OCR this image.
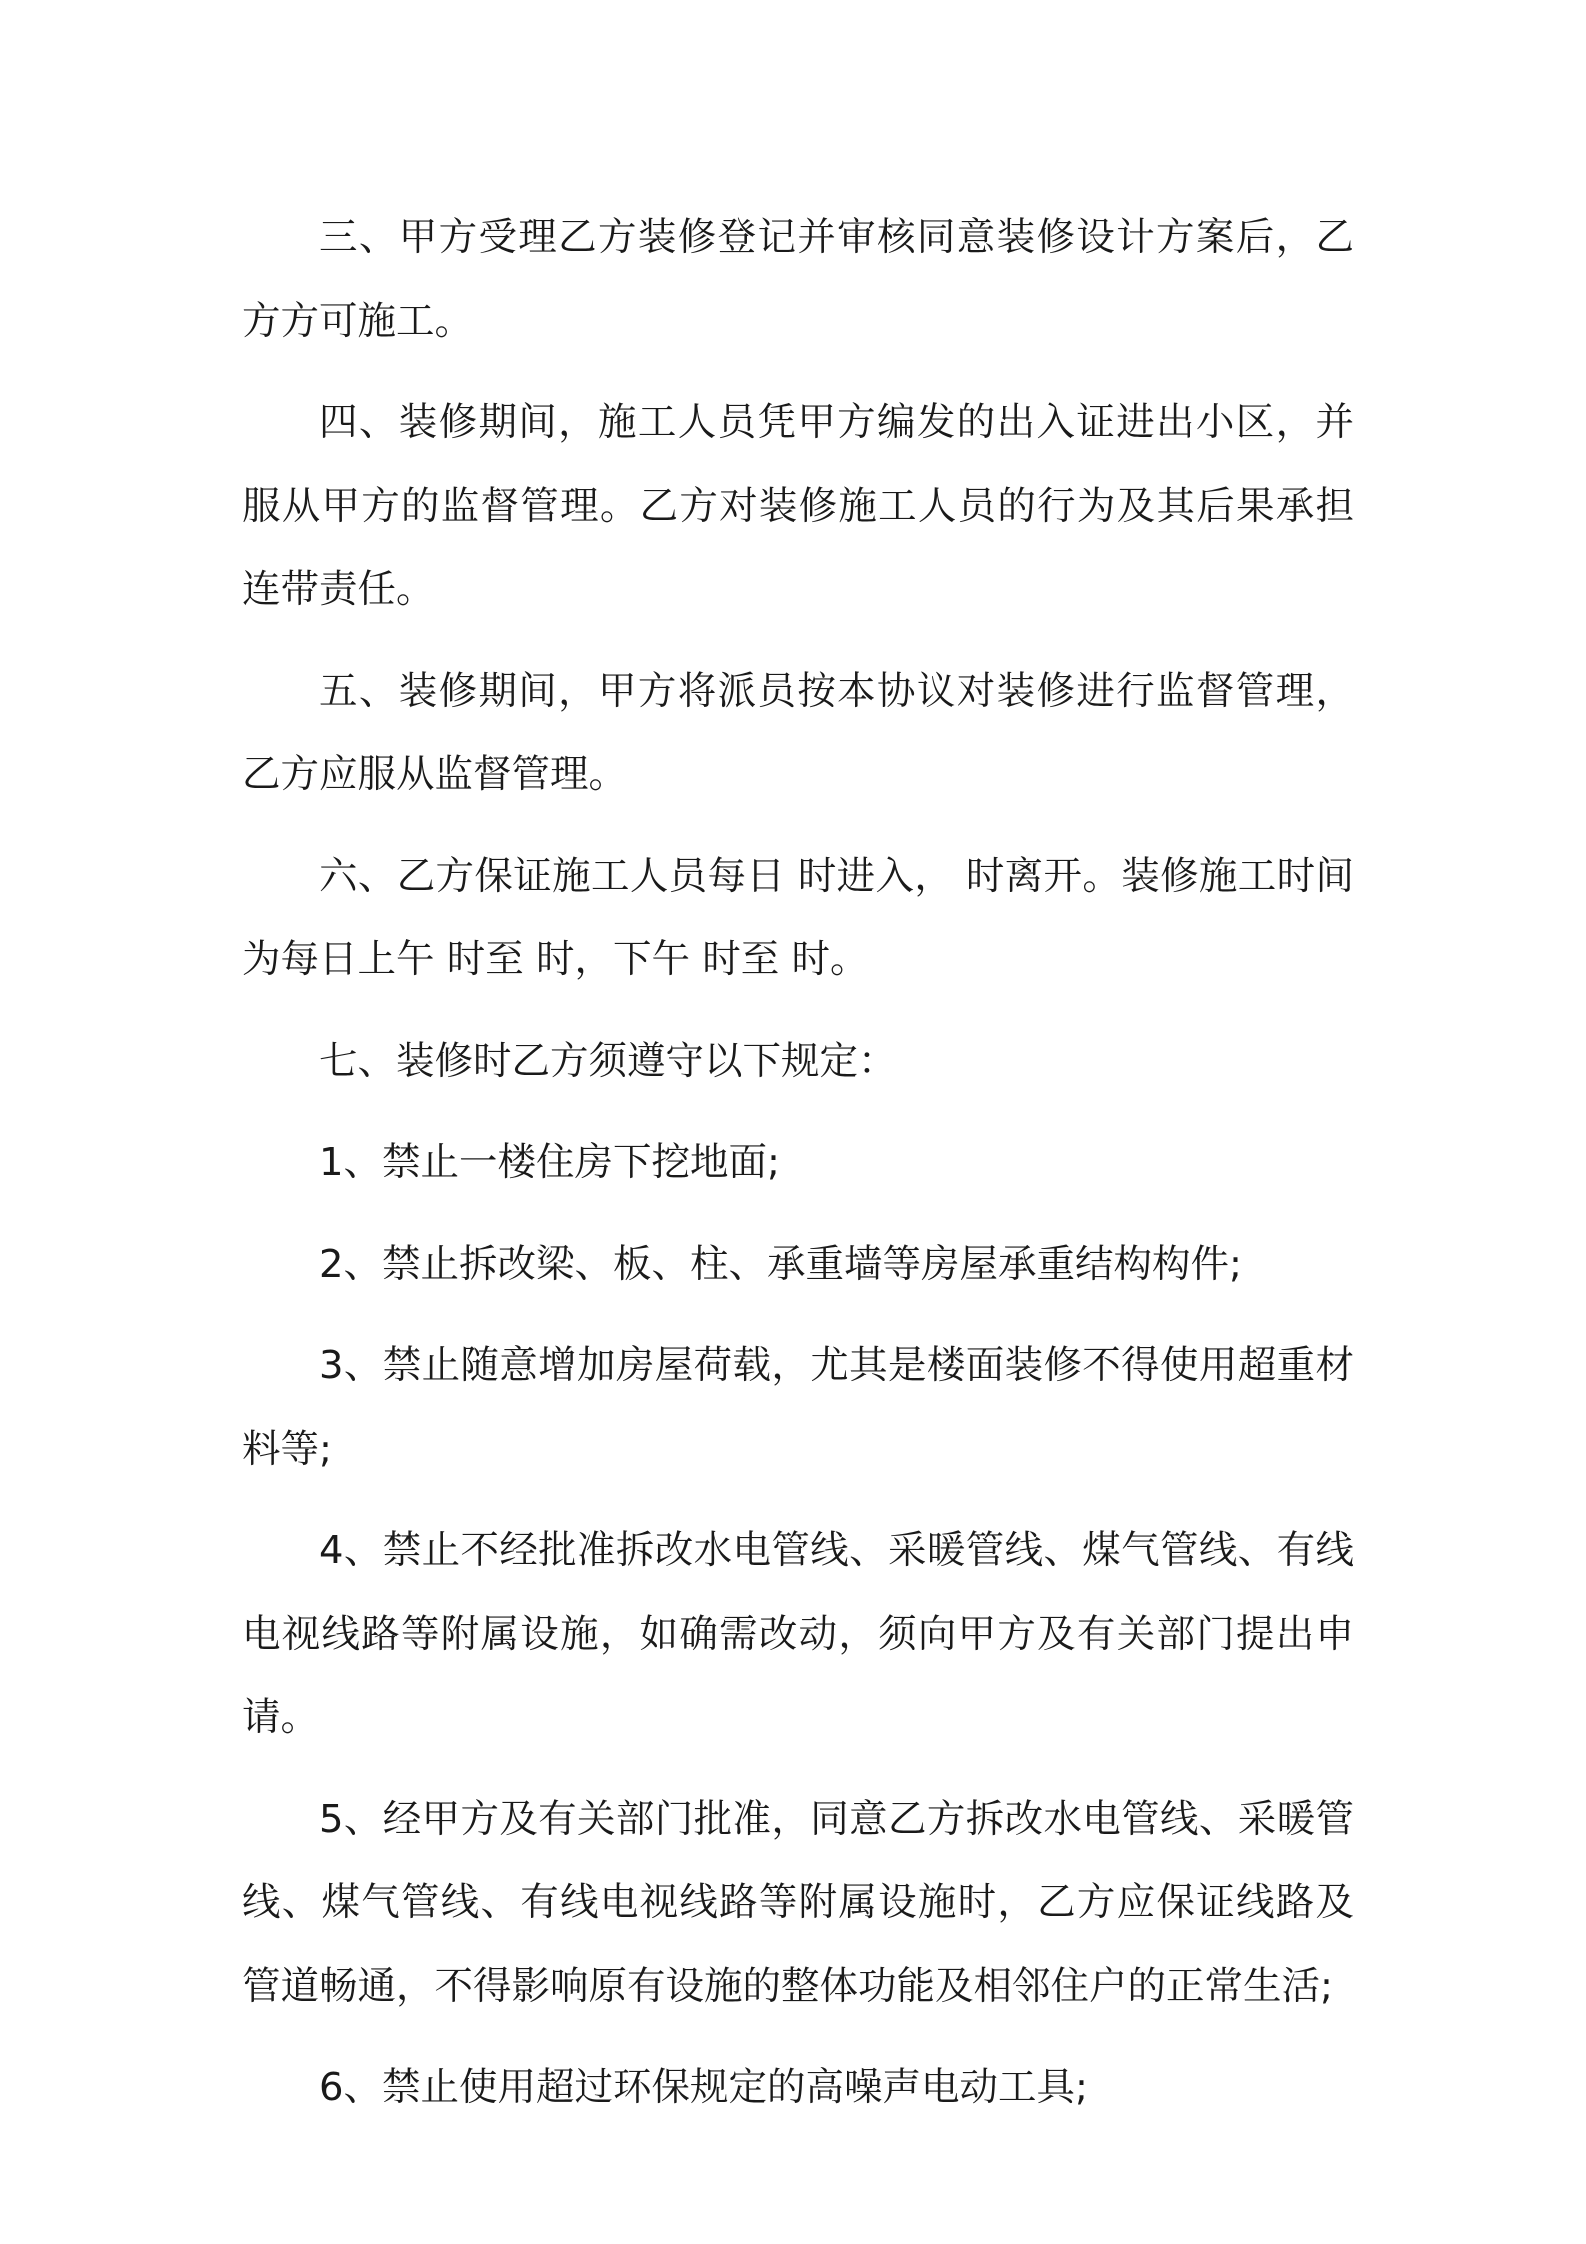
三、甲方受理乙方装修登记并审核同意装修设计方案后，乙方方可施工。

四、装修期间，施工人员凭甲方编发的出入证进出小区，并服从甲方的监督管理。乙方对装修施工人员的行为及其后果承担连带责任。

五、装修期间，甲方将派员按本协议对装修进行监督管理，乙方应服从监督管理。

六、乙方保证施工人员每日 时进入， 时离开。装修施工时间为每日上午 时至 时，下午 时至 时。

七、装修时乙方须遵守以下规定：

1、禁止一楼住房下挖地面;

2、禁止拆改梁、板、柱、承重墙等房屋承重结构构件;

3、禁止随意增加房屋荷载，尤其是楼面装修不得使用超重材料等;

4、禁止不经批准拆改水电管线、采暖管线、煤气管线、有线电视线路等附属设施，如确需改动，须向甲方及有关部门提出申请。

5、经甲方及有关部门批准，同意乙方拆改水电管线、采暖管线、煤气管线、有线电视线路等附属设施时，乙方应保证线路及管道畅通，不得影响原有设施的整体功能及相邻住户的正常生活;

6、禁止使用超过环保规定的高噪声电动工具;
